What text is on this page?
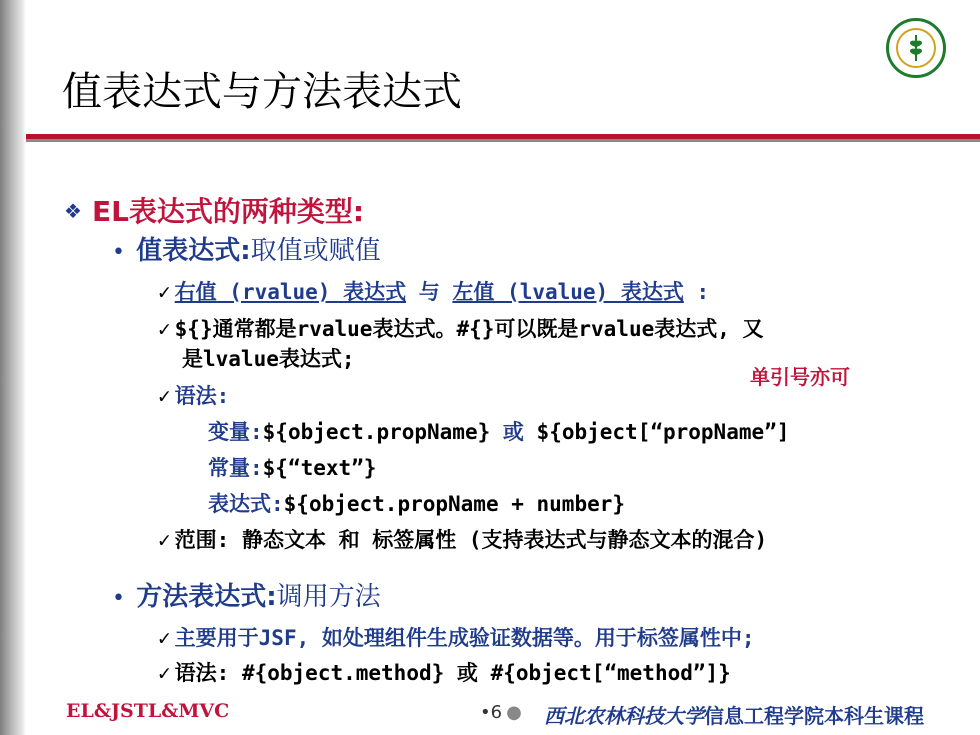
值表达式与方法表达式
❖ EL表达式的两种类型:
• 值表达式:取值或赋值
✓ 右值 (rvalue) 表达式 与 左值 (lvalue) 表达式 :
✓ ${}通常都是rvalue表达式。#{}可以既是rvalue表达式, 又
是lvalue表达式;
单引号亦可
✓ 语法:
变量:${object.propName} 或 ${object[“propName”]
常量:${“text”}
表达式:${object.propName + number}
✓ 范围: 静态文本 和 标签属性 (支持表达式与静态文本的混合)
• 方法表达式:调用方法
✓ 主要用于JSF, 如处理组件生成验证数据等。用于标签属性中;
✓ 语法: #{object.method} 或 #{object[“method”]}
EL&JSTL&MVC	•6 ● 西北农林科技大学信息工程学院本科生课程
